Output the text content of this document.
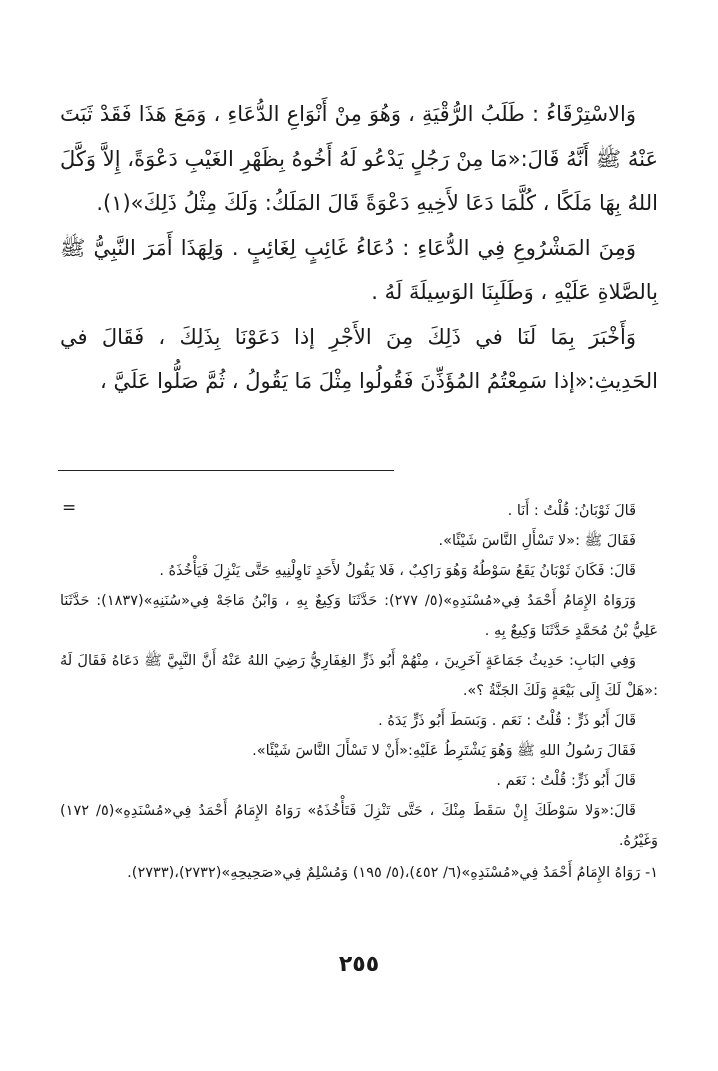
وَالاسْتِرْقَاءُ : طَلَبُ الرُّقْيَةِ ، وَهُوَ مِنْ أَنْوَاعِ الدُّعَاءِ ، وَمَعَ هَذَا فَقَدْ ثَبَتَ عَنْهُ ﷺ أَنَّهُ قَالَ:«مَا مِنْ رَجُلٍ يَدْعُو لَهُ أَخُوهُ بِظَهْرِ الغَيْبِ دَعْوَةً، إِلاَّ وَكَّلَ اللهُ بِهَا مَلَكًا ، كُلَّمَا دَعَا لأَخِيهِ دَعْوَةً قَالَ المَلَكُ: وَلَكَ مِثْلُ ذَلِكَ»(١).

وَمِنَ المَشْرُوعِ فِي الدُّعَاءِ : دُعَاءُ غَائِبٍ لِغَائِبٍ . وَلِهَذَا أَمَرَ النَّبِيُّ ﷺ بِالصَّلاةِ عَلَيْهِ ، وَطَلَبِنَا الوَسِيلَةَ لَهُ .

وَأَخْبَرَ بِمَا لَنَا في ذَلِكَ مِنَ الأَجْرِ إذا دَعَوْنَا بِذَلِكَ ، فَقَالَ في الحَدِيثِ:«إذا سَمِعْتُمُ المُؤَذِّنَ فَقُولُوا مِثْلَ مَا يَقُولُ ، ثُمَّ صَلُّوا عَلَيَّ ،

=	قَالَ ثَوْبَانُ: قُلْتُ : أَنَا .

فَقَالَ ﷺ :«لا تَسْأَلِ النَّاسَ شَيْئًا».

قَالَ: فَكَانَ ثَوْبَانُ يَقَعُ سَوْطُهُ وَهُوَ رَاكِبٌ ، فَلا يَقُولُ لأَحَدٍ نَاوِلْنِيهِ حَتَّى يَنْزِلَ فَيَأْخُذَهُ .

وَرَوَاهُ الإِمَامُ أَحْمَدُ فِي«مُسْنَدِهِ»(٥/ ٢٧٧): حَدَّثَنَا وَكِيعٌ بِهِ ، وَابْنُ مَاجَهْ فِي«سُنَنِهِ»(١٨٣٧): حَدَّثَنَا عَلِيُّ بْنُ مُحَمَّدٍ حَدَّثَنَا وَكِيعٌ بِهِ .

وَفِي البَابِ: حَدِيثُ جَمَاعَةٍ آخَرِينَ ، مِنْهُمْ أَبُو ذَرٍّ الغِفَارِيُّ رَضِيَ اللهُ عَنْهُ أَنَّ النَّبِيَّ ﷺ دَعَاهُ فَقَالَ لَهُ :«هَلْ لَكَ إِلَى بَيْعَةٍ وَلَكَ الجَنَّةُ ؟».

قَالَ أَبُو ذَرٍّ : قُلْتُ : نَعَم . وَبَسَطَ أَبُو ذَرٍّ يَدَهُ .

فَقَالَ رَسُولُ اللهِ ﷺ وَهُوَ يَشْتَرِطُ عَلَيْهِ:«أَنْ لا تَسْأَلَ النَّاسَ شَيْئًا».

قَالَ أَبُو ذَرٍّ: قُلْتُ : نَعَم .

قَالَ:«وَلا سَوْطَكَ إِنْ سَقَطَ مِنْكَ ، حَتَّى تَنْزِلَ فَتَأْخُذَهُ» رَوَاهُ الإِمَامُ أَحْمَدُ فِي«مُسْنَدِهِ»(٥/ ١٧٢) وَغَيْرُهُ.

١- رَوَاهُ الإِمَامُ أَحْمَدُ فِي«مُسْنَدِهِ»(٦/ ٤٥٢)،(٥/ ١٩٥) وَمُسْلِمٌ فِي«صَحِيحِهِ»(٢٧٣٢)،(٢٧٣٣).

٢٥٥
